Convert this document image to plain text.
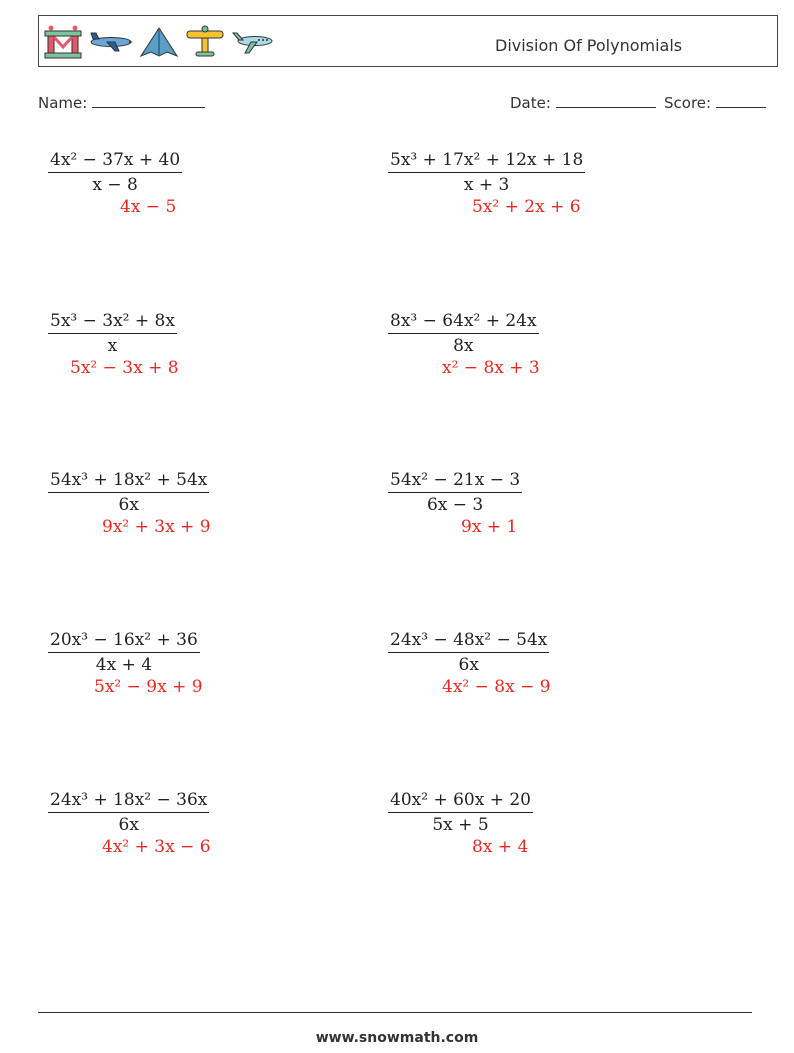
Division Of Polynomials
Name:	Date:	Score:
$\frac{\text{4x² − 37x + 40}}{x - 8}$
4x − 5
$\frac{\text{5x³ + 17x² + 12x + 18}}{x + 3}$
5x² + 2x + 6
$\frac{\text{5x³ − 3x² + 8x}}{x}$
5x² − 3x + 8
$\frac{\text{8x³ − 64x² + 24x}}{8x}$
x² − 8x + 3
$\frac{\text{54x³ + 18x² + 54x}}{6x}$
9x² + 3x + 9
$\frac{\text{54x² − 21x − 3}}{6x - 3}$
9x + 1
$\frac{\text{20x³ − 16x² + 36}}{4x + 4}$
5x² − 9x + 9
$\frac{\text{24x³ − 48x² − 54x}}{6x}$
4x² − 8x − 9
$\frac{\text{24x³ + 18x² − 36x}}{6x}$
4x² + 3x − 6
$\frac{\text{40x² + 60x + 20}}{5x + 5}$
8x + 4
www.snowmath.com
